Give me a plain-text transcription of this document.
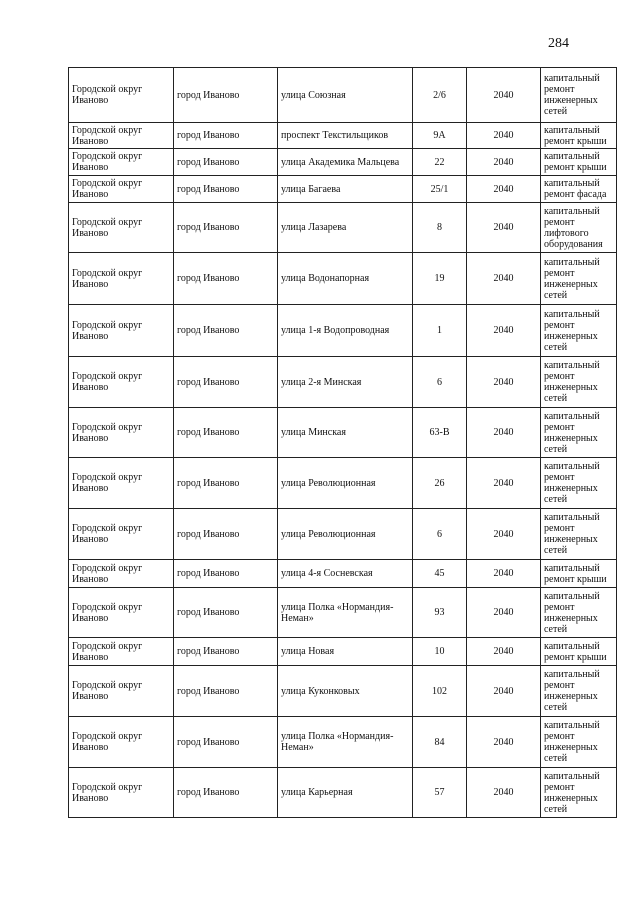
284
Городской округ Иваново	город Иваново	улица Союзная	2/6	2040	капитальный ремонт инженерных сетей
Городской округ Иваново	город Иваново	проспект Текстильщиков	9А	2040	капитальный ремонт крыши
Городской округ Иваново	город Иваново	улица Академика Мальцева	22	2040	капитальный ремонт крыши
Городской округ Иваново	город Иваново	улица Багаева	25/1	2040	капитальный ремонт фасада
Городской округ Иваново	город Иваново	улица Лазарева	8	2040	капитальный ремонт лифтового оборудования
Городской округ Иваново	город Иваново	улица Водонапорная	19	2040	капитальный ремонт инженерных сетей
Городской округ Иваново	город Иваново	улица 1-я Водопроводная	1	2040	капитальный ремонт инженерных сетей
Городской округ Иваново	город Иваново	улица 2-я Минская	6	2040	капитальный ремонт инженерных сетей
Городской округ Иваново	город Иваново	улица Минская	63-В	2040	капитальный ремонт инженерных сетей
Городской округ Иваново	город Иваново	улица Революционная	26	2040	капитальный ремонт инженерных сетей
Городской округ Иваново	город Иваново	улица Революционная	6	2040	капитальный ремонт инженерных сетей
Городской округ Иваново	город Иваново	улица 4-я Сосневская	45	2040	капитальный ремонт крыши
Городской округ Иваново	город Иваново	улица Полка «Нормандия-Неман»	93	2040	капитальный ремонт инженерных сетей
Городской округ Иваново	город Иваново	улица Новая	10	2040	капитальный ремонт крыши
Городской округ Иваново	город Иваново	улица Куконковых	102	2040	капитальный ремонт инженерных сетей
Городской округ Иваново	город Иваново	улица Полка «Нормандия-Неман»	84	2040	капитальный ремонт инженерных сетей
Городской округ Иваново	город Иваново	улица Карьерная	57	2040	капитальный ремонт инженерных сетей
